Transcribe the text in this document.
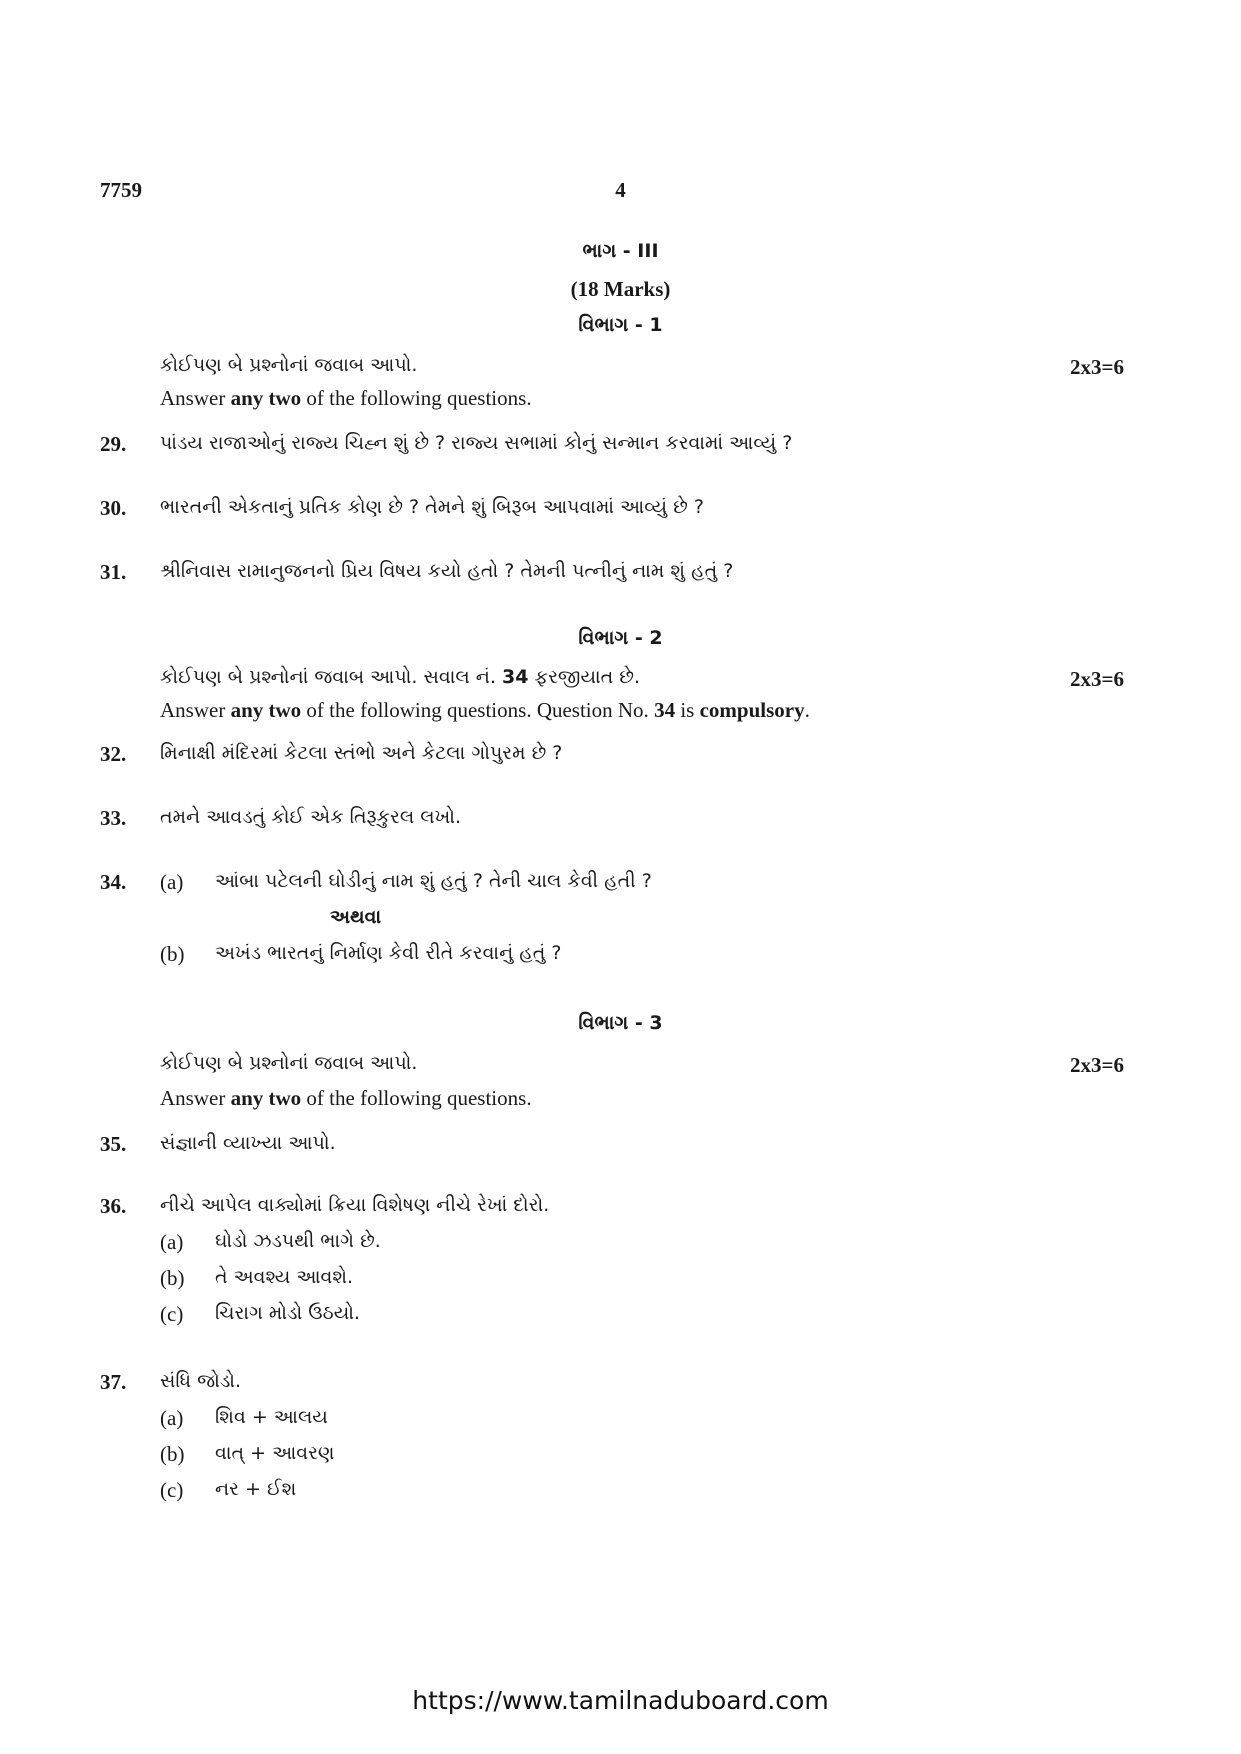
7759	4
ભાગ - III
(18 Marks)
વિભાગ - 1
કોઈપણ બે પ્રશ્નોનાં જવાબ આપો.	2x3=6
Answer any two of the following questions.
29. પાંડય રાજાઓનું રાજ્ય ચિહ્ન શું છે ? રાજ્ય સભામાં કોનું સન્માન કરવામાં આવ્યું ?
30. ભારતની એકતાનું પ્રતિક કોણ છે ? તેમને શું બિરૂબ આપવામાં આવ્યું છે ?
31. શ્રીનિવાસ રામાનુજનનો પ્રિય વિષય કયો હતો ? તેમની પત્નીનું નામ શું હતું ?
વિભાગ - 2
કોઈપણ બે પ્રશ્નોનાં જવાબ આપો. સવાલ નં. 34 ફરજીયાત છે.	2x3=6
Answer any two of the following questions. Question No. 34 is compulsory.
32. મિનાક્ષી મંદિરમાં કેટલા સ્તંભો અને કેટલા ગોપુરમ છે ?
33. તમને આવડતું કોઈ એક તિરૂકુરલ લખો.
34. (a) આંબા પટેલની ઘોડીનું નામ શું હતું ? તેની ચાલ કેવી હતી ?
અથવા
(b) અખંડ ભારતનું નિર્માણ કેવી રીતે કરવાનું હતું ?
વિભાગ - 3
કોઈપણ બે પ્રશ્નોનાં જવાબ આપો.	2x3=6
Answer any two of the following questions.
35. સંજ્ઞાની વ્યાખ્યા આપો.
36. નીચે આપેલ વાક્યોમાં ક્રિયા વિશેષણ નીચે રેખાં દોરો.
(a) ઘોડો ઝડપથી ભાગે છે.
(b) તે અવશ્ય આવશે.
(c) ચિરાગ મોડો ઉઠયો.
37. સંધિ જોડો.
(a) શિવ + આલય
(b) વાત્ + આવરણ
(c) નર + ઈશ
https://www.tamilnaduboard.com
